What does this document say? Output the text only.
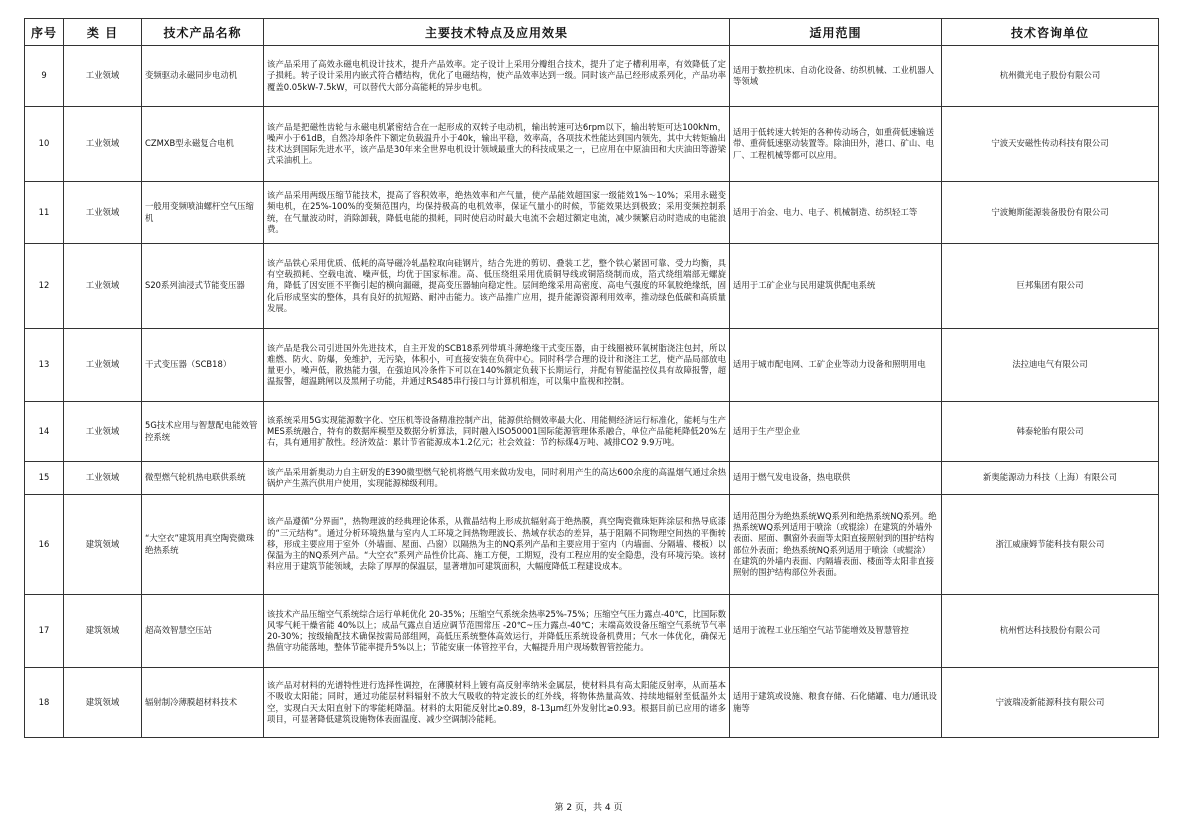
序号	类 目	技术产品名称	主要技术特点及应用效果	适用范围	技术咨询单位
9	工业领域	变频驱动永磁同步电动机	该产品采用了高效永磁电机设计技术，提升产品效率。定子设计上采用分瓣组合技术，提升了定子槽利用率，有效降低了定子损耗。转子设计采用内嵌式符合槽结构，优化了电磁结构，使产品效率达到一级。同时该产品已经形成系列化，产品功率覆盖0.05kW-7.5kW，可以替代大部分高能耗的异步电机。	适用于数控机床、自动化设备、纺织机械、工业机器人等领域	杭州微光电子股份有限公司
10	工业领域	CZMXB型永磁复合电机	该产品是把磁性齿轮与永磁电机紧密结合在一起形成的双转子电动机，输出转速可达6rpm以下，输出转矩可达100kNm，噪声小于61dB，自然冷却条件下额定负载温升小于40k，输出平稳，效率高，各项技术性能达到国内领先，其中大转矩输出技术达到国际先进水平，该产品是30年来全世界电机设计领域最重大的科技成果之一，已应用在中原油田和大庆油田等游梁式采油机上。	适用于低转速大转矩的各种传动场合，如重荷低速输送带、重荷低速驱动装置等。除油田外，港口、矿山、电厂、工程机械等都可以应用。	宁波天安磁性传动科技有限公司
11	工业领域	一般用变频喷油螺杆空气压缩机	该产品采用两级压缩节能技术，提高了容积效率，绝热效率和产气量，使产品能效超国家一级能效1%～10%；采用永磁变频电机，在25%-100%的变频范围内，均保持极高的电机效率，保证气量小的时候，节能效果达到极致；采用变频控制系统，在气量波动时，消除卸载，降低电能的损耗，同时使启动时最大电流不会超过额定电流，减少频繁启动时造成的电能浪费。	适用于冶金、电力、电子、机械制造、纺织轻工等	宁波鲍斯能源装备股份有限公司
12	工业领域	S20系列油浸式节能变压器	该产品铁心采用优质、低耗的高导磁冷轧晶粒取向硅钢片，结合先进的剪切、叠装工艺，整个铁心紧固可靠、受力均衡，具有空载损耗、空载电流、噪声低，均优于国家标准。高、低压绕组采用优质铜导线或铜箔绕制而成，箔式绕组端部无螺旋角，降低了因安匝不平衡引起的横向漏磁，提高变压器轴向稳定性。层间绝缘采用高密度、高电气强度的环氧胶绝缘纸，固化后形成坚实的整体，具有良好的抗短路、耐冲击能力。该产品推广应用，提升能源资源利用效率，推动绿色低碳和高质量发展。	适用于工矿企业与民用建筑供配电系统	巨邦集团有限公司
13	工业领域	干式变压器（SCB18）	该产品是我公司引进国外先进技术，自主开发的SCB18系列带填斗薄绝缘干式变压器，由于线圈被环氧树脂浇注包封，所以难燃、防火、防爆，免维护，无污染，体积小，可直接安装在负荷中心。同时科学合理的设计和浇注工艺，使产品局部放电量更小，噪声低，散热能力强，在强迫风冷条件下可以在140%额定负载下长期运行，并配有智能温控仪具有故障报警，超温报警，超温跳闸以及黑闸子功能，并通过RS485串行接口与计算机相连，可以集中监视和控制。	适用于城市配电网、工矿企业等动力设备和照明用电	法拉迪电气有限公司
14	工业领域	5G技术应用与智慧配电能效管控系统	该系统采用5G实现能源数字化、空压机等设备精准控制产出，能源供给侧效率最大化、用能侧经济运行标准化，能耗与生产MES系统融合，特有的数据库模型及数据分析算法，同时融入ISO50001国际能源管理体系融合，单位产品能耗降低20%左右，具有通用扩散性。经济效益：累计节省能源成本1.2亿元；社会效益：节约标煤4万吨、减排CO2 9.9万吨。	适用于生产型企业	韩泰轮胎有限公司
15	工业领域	微型燃气轮机热电联供系统	该产品采用新奥动力自主研发的E390微型燃气轮机将燃气用来做功发电，同时利用产生的高达600余度的高温烟气通过余热锅炉产生蒸汽供用户使用，实现能源梯级利用。	适用于燃气发电设备，热电联供	新奥能源动力科技（上海）有限公司
16	建筑领域	“大空衣”建筑用真空陶瓷微珠绝热系统	该产品遵循“分界面”，热物理波的经典理论体系，从微晶结构上形成抗辐射高于绝热膜，真空陶瓷微珠矩阵涂层和热导底漆的“三元结构”。通过分析环境热量与室内人工环境之间热物理波长、热域存状态的差异，基于阻隔不同物理空间热的平衡转移，形成主要应用于室外（外墙面、屋面、凸窗）以隔热为主的NQ系列产品和主要应用于室内（内墙面、分隔墙、楼板）以保温为主的NQ系列产品。“大空衣”系列产品性价比高、施工方便，工期短，没有工程应用的安全隐患，没有环境污染。该材料应用于建筑节能领域，去除了厚厚的保温层，显著增加可建筑面积，大幅度降低工程建设成本。	适用范围分为绝热系统WQ系列和绝热系统NQ系列。绝热系统WQ系列适用于喷涂（或辊涂）在建筑的外墙外表面、屋面、飘窗外表面等太阳直接照射到的围护结构部位外表面；绝热系统NQ系列适用于喷涂（或辊涂）在建筑的外墙内表面、内隔墙表面、楼面等太阳非直接照射的围护结构部位外表面。	浙江威康姆节能科技有限公司
17	建筑领域	超高效智慧空压站	该技术产品压缩空气系统综合运行单耗优化 20-35%；压缩空气系统余热率25%-75%；压缩空气压力露点-40℃，比国际数风零气耗干燥省能 40%以上；成品气露点自适应调节范围常压 -20℃~压力露点-40℃；末端高效设备压缩空气系统节气率 20-30%；按级输配技术确保按需局部组网，高低压系统整体高效运行，并降低压系统设备机费用；气水一体优化，确保无热值守功能落地，整体节能率提升5%以上；节能安康一体管控平台，大幅提升用户现场数智管控能力。	适用于流程工业压缩空气站节能增效及智慧管控	杭州哲达科技股份有限公司
18	建筑领域	辐射制冷薄膜超材料技术	该产品对材料的光谱特性进行选择性调控，在薄膜材料上镀有高反射率纳米金属层，使材料具有高太阳能反射率，从而基本不吸收太阳能；同时，通过功能层材料辐射不放大气吸收的特定波长的红外线，将物体热量高效、持续地辐射至低温外太空，实现白天太阳直射下的零能耗降温。材料的太阳能反射比≥0.89，8-13μm红外发射比≥0.93。根据目前已应用的诸多项目，可显著降低建筑设施物体表面温度、减少空调制冷能耗。	适用于建筑或设施、粮食存储、石化储罐、电力/通讯设施等	宁波瑞凌新能源科技有限公司
第 2 页，共 4 页
